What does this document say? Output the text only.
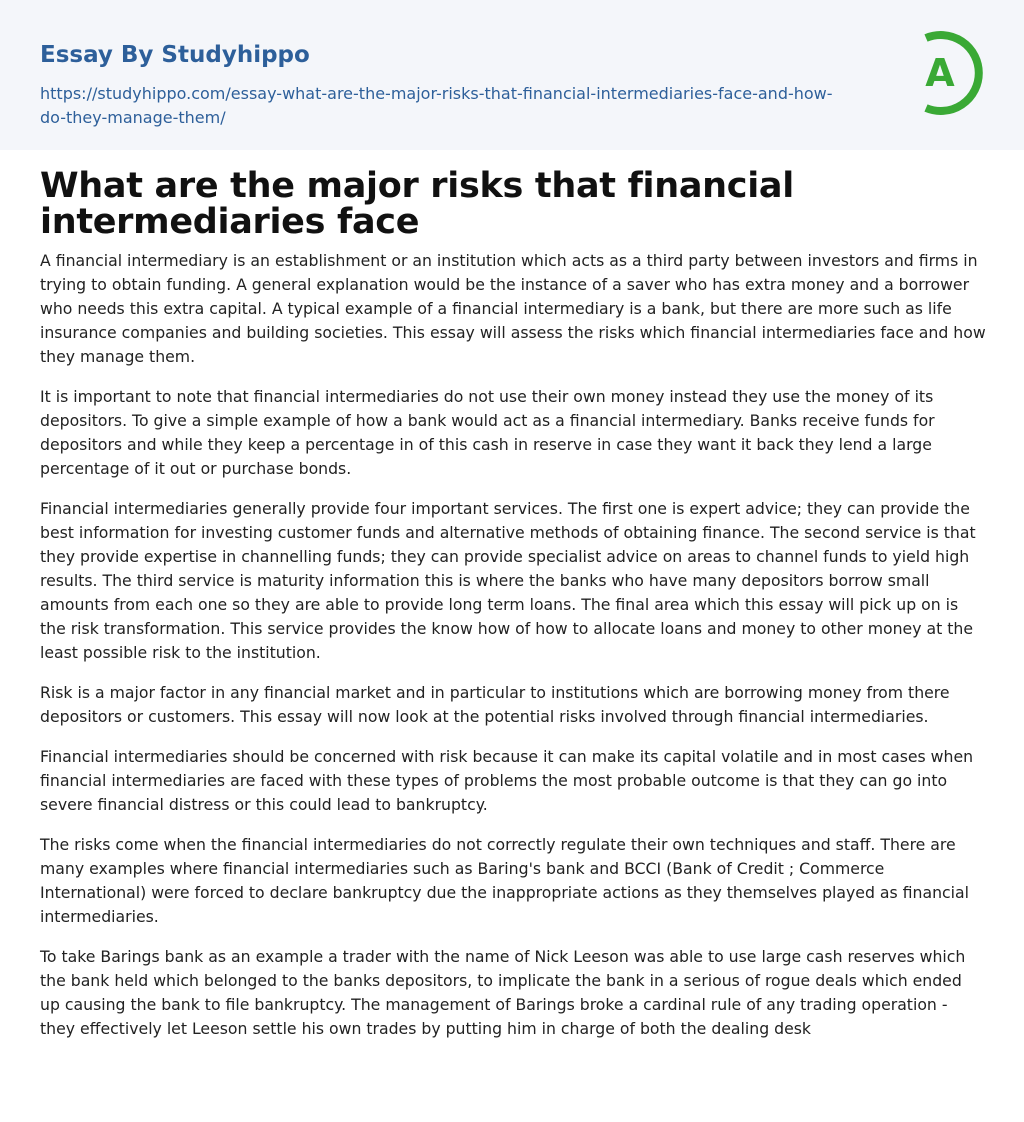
Essay By Studyhippo
https://studyhippo.com/essay-what-are-the-major-risks-that-financial-intermediaries-face-and-how-do-they-manage-them/
A
What are the major risks that financial intermediaries face

A financial intermediary is an establishment or an institution which acts as a third party between investors and firms in trying to obtain funding. A general explanation would be the instance of a saver who has extra money and a borrower who needs this extra capital. A typical example of a financial intermediary is a bank, but there are more such as life insurance companies and building societies. This essay will assess the risks which financial intermediaries face and how they manage them.

It is important to note that financial intermediaries do not use their own money instead they use the money of its depositors. To give a simple example of how a bank would act as a financial intermediary. Banks receive funds for depositors and while they keep a percentage in of this cash in reserve in case they want it back they lend a large percentage of it out or purchase bonds.

Financial intermediaries generally provide four important services. The first one is expert advice; they can provide the best information for investing customer funds and alternative methods of obtaining finance. The second service is that they provide expertise in channelling funds; they can provide specialist advice on areas to channel funds to yield high results. The third service is maturity information this is where the banks who have many depositors borrow small amounts from each one so they are able to provide long term loans. The final area which this essay will pick up on is the risk transformation. This service provides the know how of how to allocate loans and money to other money at the least possible risk to the institution.

Risk is a major factor in any financial market and in particular to institutions which are borrowing money from there depositors or customers. This essay will now look at the potential risks involved through financial intermediaries.

Financial intermediaries should be concerned with risk because it can make its capital volatile and in most cases when financial intermediaries are faced with these types of problems the most probable outcome is that they can go into severe financial distress or this could lead to bankruptcy.

The risks come when the financial intermediaries do not correctly regulate their own techniques and staff. There are many examples where financial intermediaries such as Baring's bank and BCCI (Bank of Credit ; Commerce International) were forced to declare bankruptcy due the inappropriate actions as they themselves played as financial intermediaries.

To take Barings bank as an example a trader with the name of Nick Leeson was able to use large cash reserves which the bank held which belonged to the banks depositors, to implicate the bank in a serious of rogue deals which ended up causing the bank to file bankruptcy. The management of Barings broke a cardinal rule of any trading operation - they effectively let Leeson settle his own trades by putting him in charge of both the dealing desk
